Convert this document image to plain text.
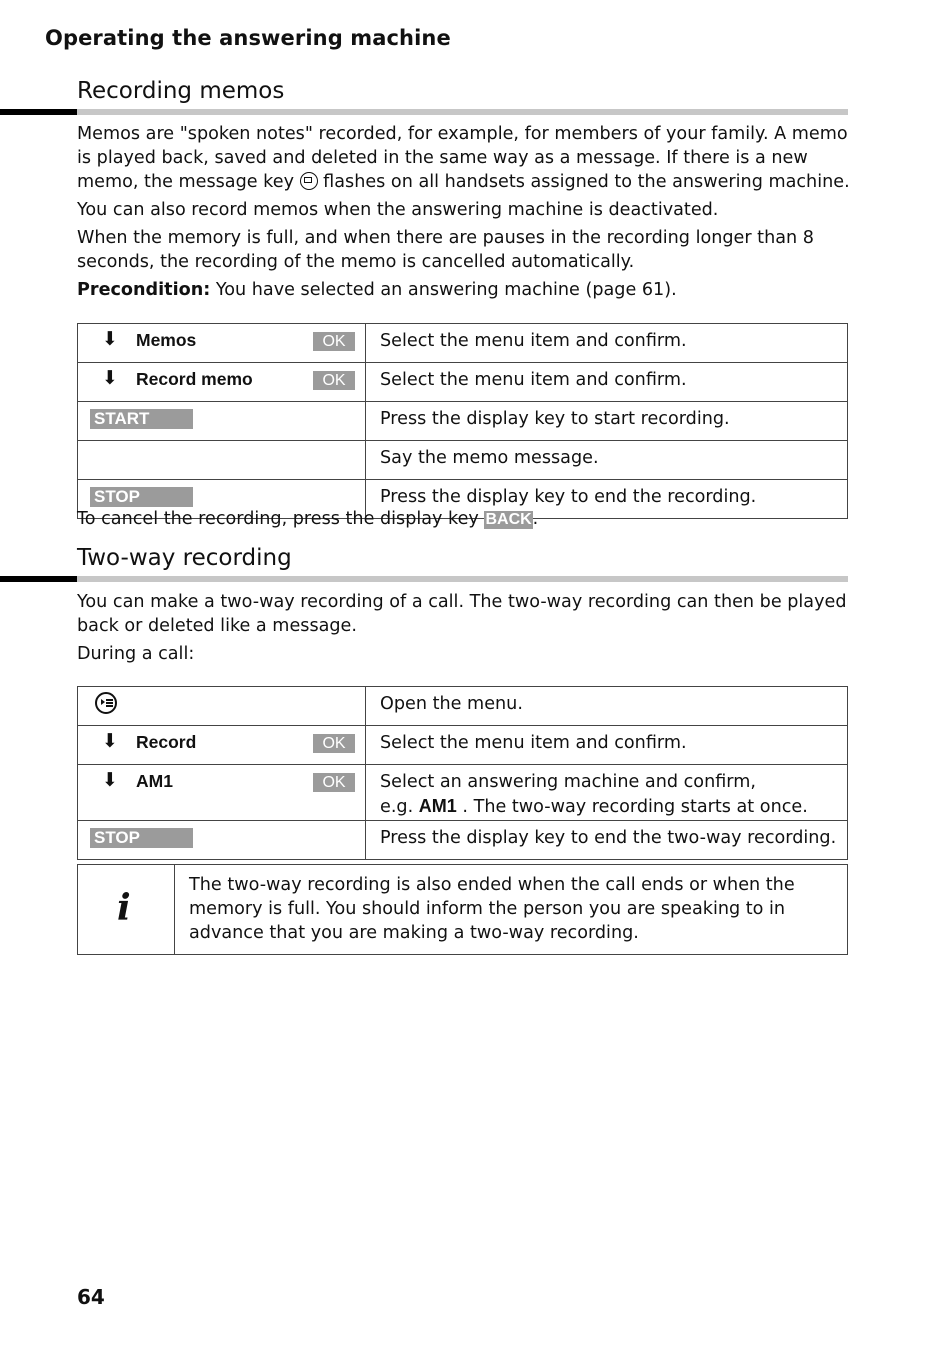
Operating the answering machine
Recording memos

Memos are "spoken notes" recorded, for example, for members of your family. A memo is played back, saved and deleted in the same way as a message. If there is a new memo, the message key flashes on all handsets assigned to the answering machine.

You can also record memos when the answering machine is deactivated.

When the memory is full, and when there are pauses in the recording longer than 8 seconds, the recording of the memo is cancelled automatically.

Precondition: You have selected an answering machine (page 61).

⬇ Memos OK	Select the menu item and confirm.

⬇ Record memo OK	Select the menu item and confirm.

START	Press the display key to start recording.
	Say the memo message.

STOP	Press the display key to end the recording.

To cancel the recording, press the display key BACK.

Two-way recording

You can make a two-way recording of a call. The two-way recording can then be played back or deleted like a message.

During a call:

	Open the menu.

⬇ Record OK	Select the menu item and confirm.

⬇ AM1 OK	Select an answering machine and confirm,
e.g. AM1 . The two-way recording starts at once.

STOP	Press the display key to end the two-way recording.
i
The two-way recording is also ended when the call ends or when the memory is full. You should inform the person you are speaking to in advance that you are making a two-way recording.
64
